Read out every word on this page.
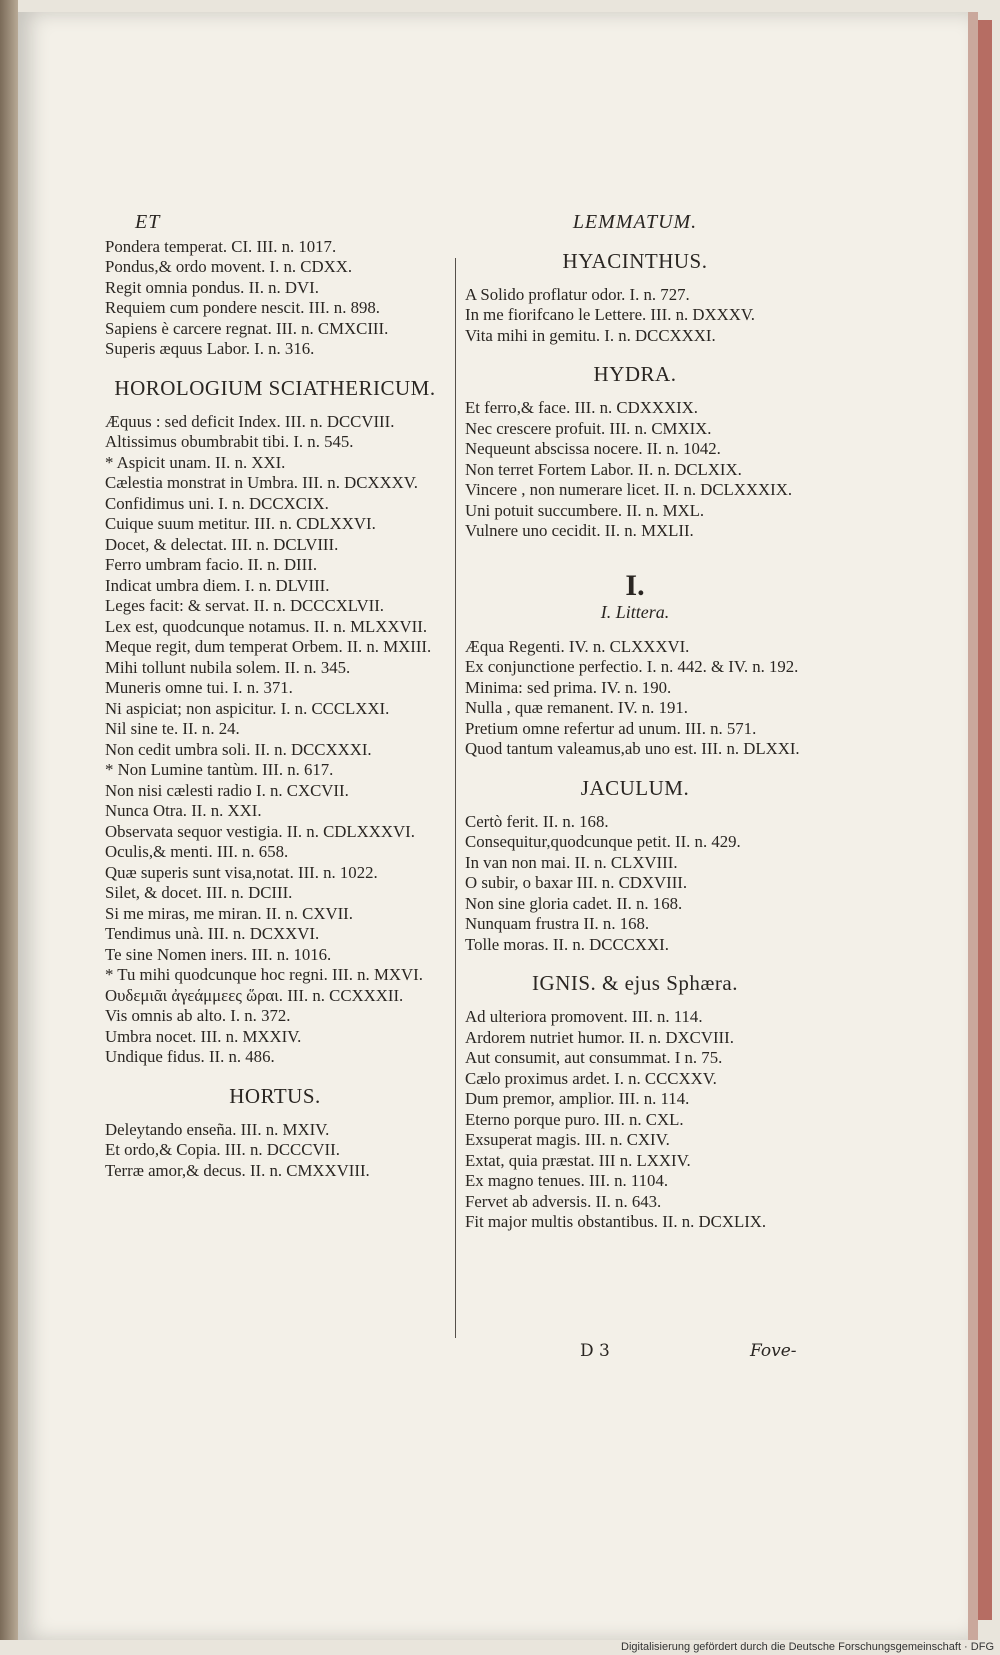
ET
Pondera temperat. CI. III. n. 1017.
Pondus,& ordo movent. I. n. CDXX.
Regit omnia pondus. II. n. DVI.
Requiem cum pondere nescit. III. n. 898.
Sapiens è carcere regnat. III. n. CMXCIII.
Superis æquus Labor. I. n. 316.
HOROLOGIUM SCIATHERICUM.
Æquus : sed deficit Index. III. n. DCCVIII.
Altissimus obumbrabit tibi. I. n. 545.
* Aspicit unam. II. n. XXI.
Cælestia monstrat in Umbra. III. n. DCXXXV.
Confidimus uni. I. n. DCCXCIX.
Cuique suum metitur. III. n. CDLXXVI.
Docet, & delectat. III. n. DCLVIII.
Ferro umbram facio. II. n. DIII.
Indicat umbra diem. I. n. DLVIII.
Leges facit: & servat. II. n. DCCCXLVII.
Lex est, quodcunque notamus. II. n. MLXXVII.
Meque regit, dum temperat Orbem. II. n. MXIII.
Mihi tollunt nubila solem. II. n. 345.
Muneris omne tui. I. n. 371.
Ni aspiciat; non aspicitur. I. n. CCCLXXI.
Nil sine te. II. n. 24.
Non cedit umbra soli. II. n. DCCXXXI.
* Non Lumine tantùm. III. n. 617.
Non nisi cælesti radio I. n. CXCVII.
Nunca Otra. II. n. XXI.
Observata sequor vestigia. II. n. CDLXXXVI.
Oculis,& menti. III. n. 658.
Quæ superis sunt visa,notat. III. n. 1022.
Silet, & docet. III. n. DCIII.
Si me miras, me miran. II. n. CXVII.
Tendimus unà. III. n. DCXXVI.
Te sine Nomen iners. III. n. 1016.
* Tu mihi quodcunque hoc regni. III. n. MXVI.
Ουδεμιᾶι ἀγεάμμεες ὥραι. III. n. CCXXXII.
Vis omnis ab alto. I. n. 372.
Umbra nocet. III. n. MXXIV.
Undique fidus. II. n. 486.
HORTUS.
Deleytando enseña. III. n. MXIV.
Et ordo,& Copia. III. n. DCCCVII.
Terræ amor,& decus. II. n. CMXXVIII.
LEMMATUM.
HYACINTHUS.
A Solido proflatur odor. I. n. 727.
In me fiorifcano le Lettere. III. n. DXXXV.
Vita mihi in gemitu. I. n. DCCXXXI.
HYDRA.
Et ferro,& face. III. n. CDXXXIX.
Nec crescere profuit. III. n. CMXIX.
Nequeunt abscissa nocere. II. n. 1042.
Non terret Fortem Labor. II. n. DCLXIX.
Vincere , non numerare licet. II. n. DCLXXXIX.
Uni potuit succumbere. II. n. MXL.
Vulnere uno cecidit. II. n. MXLII.
I.
I. Littera.
Æqua Regenti. IV. n. CLXXXVI.
Ex conjunctione perfectio. I. n. 442. & IV. n. 192.
Minima: sed prima. IV. n. 190.
Nulla , quæ remanent. IV. n. 191.
Pretium omne refertur ad unum. III. n. 571.
Quod tantum valeamus,ab uno est. III. n. DLXXI.
JACULUM.
Certò ferit. II. n. 168.
Consequitur,quodcunque petit. II. n. 429.
In van non mai. II. n. CLXVIII.
O subir, o baxar III. n. CDXVIII.
Non sine gloria cadet. II. n. 168.
Nunquam frustra II. n. 168.
Tolle moras. II. n. DCCCXXI.
IGNIS. & ejus Sphæra.
Ad ulteriora promovent. III. n. 114.
Ardorem nutriet humor. II. n. DXCVIII.
Aut consumit, aut consummat. I n. 75.
Cælo proximus ardet. I. n. CCCXXV.
Dum premor, amplior. III. n. 114.
Eterno porque puro. III. n. CXL.
Exsuperat magis. III. n. CXIV.
Extat, quia præstat. III n. LXXIV.
Ex magno tenues. III. n. 1104.
Fervet ab adversis. II. n. 643.
Fit major multis obstantibus. II. n. DCXLIX.
D 3	Fove-
Digitalisierung gefördert durch die Deutsche Forschungsgemeinschaft · DFG
